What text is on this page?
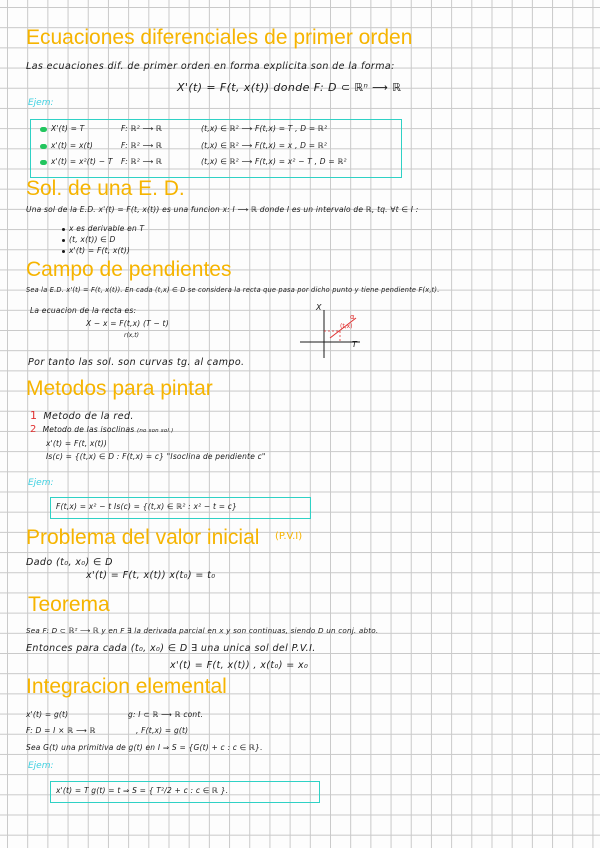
Ecuaciones diferenciales de primer orden
Las ecuaciones dif. de primer orden en forma explicita son de la forma:
X'(t) = F(t, x(t)) donde F: D ⊂ ℝⁿ ⟶ ℝ
Ejem:
X'(t) = T	F: ℝ² ⟶ ℝ	(t,x) ∈ ℝ² ⟶ F(t,x) = T , D = ℝ²
x'(t) = x(t)	F: ℝ² ⟶ ℝ	(t,x) ∈ ℝ² ⟶ F(t,x) = x , D = ℝ²
x'(t) = x²(t) − T F: ℝ² ⟶ ℝ	(t,x) ∈ ℝ² ⟶ F(t,x) = x² − T , D = ℝ²
Sol. de una E. D.
Una sol de la E.D. x'(t) = F(t, x(t)) es una funcion x: I ⟶ ℝ donde I es un intervalo de ℝ, tq. ∀t ∈ I :
x es derivable en T
(t, x(t)) ∈ D
x'(t) = F(t, x(t))
Campo de pendientes
Sea la E.D. x'(t) = F(t, x(t)). En cada (t,x) ∈ D se considera la recta que pasa por dicho punto y tiene pendiente F(x,t).
La ecuacion de la recta es:
X − x = F(t,x) (T − t)
r(x,t)
Por tanto las sol. son curvas tg. al campo.
X
T
(t,x)
α
Metodos para pintar
1 Metodo de la red.
2 Metodo de las isoclinas (no son sol.)
x'(t) = F(t, x(t))
Is(c) = {(t,x) ∈ D : F(t,x) = c} "Isoclina de pendiente c"
Ejem:
F(t,x) = x² − t Is(c) = {(t,x) ∈ ℝ² : x² − t = c}
Problema del valor inicial (P.V.I)
Dado (t₀, x₀) ∈ D
x'(t) = F(t, x(t)) x(t₀) = t₀
Teorema
Sea F: D ⊂ ℝ² ⟶ ℝ y en F ∃ la derivada parcial en x y son continuas, siendo D un conj. abto.
Entonces para cada (t₀, x₀) ∈ D ∃ una unica sol del P.V.I.
x'(t) = F(t, x(t)) , x(t₀) = x₀
Integracion elemental
x'(t) = g(t)	g: I ⊂ ℝ ⟶ ℝ cont.
F: D = I × ℝ ⟶ ℝ	, F(t,x) = g(t)
Sea G(t) una primitiva de g(t) en I ⇒ S = {G(t) + c : c ∈ ℝ}.
Ejem:
x'(t) = T g(t) = t ⇒ S = { T²/2 + c : c ∈ ℝ }.
